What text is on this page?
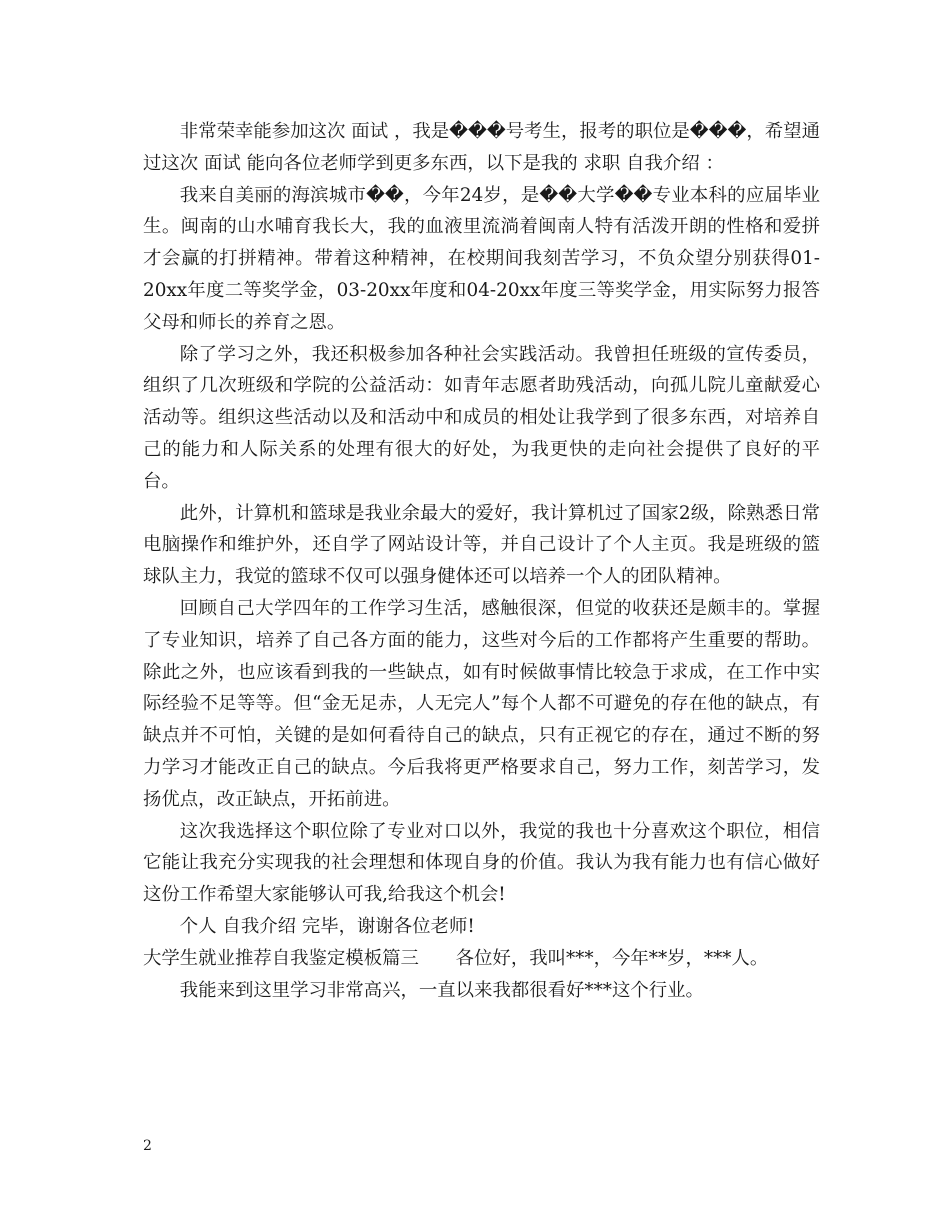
非常荣幸能参加这次 面试 ，我是���号考生，报考的职位是���，希望通过这次 面试 能向各位老师学到更多东西，以下是我的 求职 自我介绍 ：

我来自美丽的海滨城市��，今年24岁，是��大学��专业本科的应届毕业生。闽南的山水哺育我长大，我的血液里流淌着闽南人特有活泼开朗的性格和爱拼才会赢的打拼精神。带着这种精神，在校期间我刻苦学习，不负众望分别获得01-20xx年度二等奖学金，03-20xx年度和04-20xx年度三等奖学金，用实际努力报答父母和师长的养育之恩。

除了学习之外，我还积极参加各种社会实践活动。我曾担任班级的宣传委员，组织了几次班级和学院的公益活动：如青年志愿者助残活动，向孤儿院儿童献爱心活动等。组织这些活动以及和活动中和成员的相处让我学到了很多东西，对培养自己的能力和人际关系的处理有很大的好处，为我更快的走向社会提供了良好的平台。

此外，计算机和篮球是我业余最大的爱好，我计算机过了国家2级，除熟悉日常电脑操作和维护外，还自学了网站设计等，并自己设计了个人主页。我是班级的篮球队主力，我觉的篮球不仅可以强身健体还可以培养一个人的团队精神。

回顾自己大学四年的工作学习生活，感触很深，但觉的收获还是颇丰的。掌握了专业知识，培养了自己各方面的能力，这些对今后的工作都将产生重要的帮助。除此之外，也应该看到我的一些缺点，如有时候做事情比较急于求成，在工作中实际经验不足等等。但“金无足赤，人无完人”每个人都不可避免的存在他的缺点，有缺点并不可怕，关键的是如何看待自己的缺点，只有正视它的存在，通过不断的努力学习才能改正自己的缺点。今后我将更严格要求自己，努力工作，刻苦学习，发扬优点，改正缺点，开拓前进。

这次我选择这个职位除了专业对口以外，我觉的我也十分喜欢这个职位，相信它能让我充分实现我的社会理想和体现自身的价值。我认为我有能力也有信心做好这份工作希望大家能够认可我,给我这个机会!

个人 自我介绍 完毕，谢谢各位老师!

大学生就业推荐自我鉴定模板篇三　　各位好，我叫***，今年**岁，***人。

我能来到这里学习非常高兴，一直以来我都很看好***这个行业。

2
